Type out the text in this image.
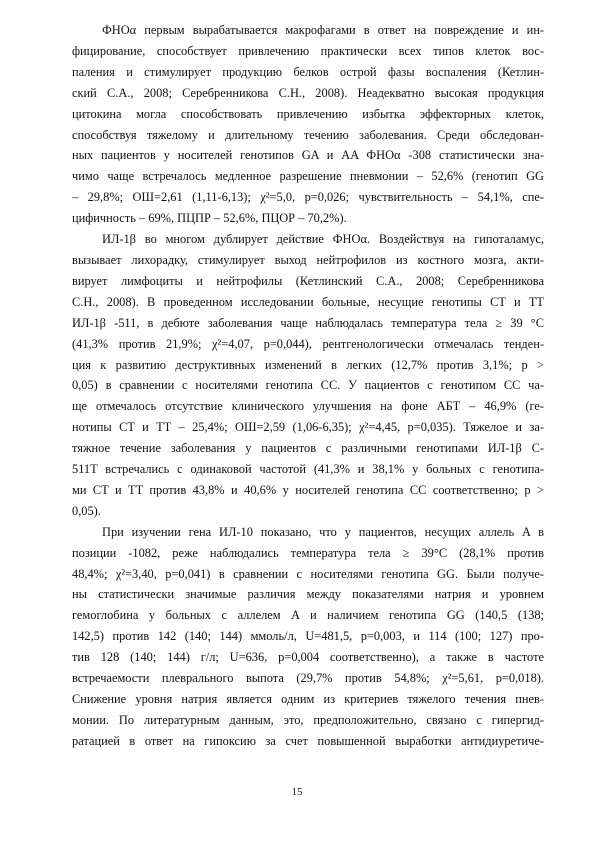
ФНОα первым вырабатывается макрофагами в ответ на повреждение и ин-
фицирование, способствует привлечению практически всех типов клеток вос-
паления и стимулирует продукцию белков острой фазы воспаления (Кетлин-
ский С.А., 2008; Серебренникова С.Н., 2008). Неадекватно высокая продукция
цитокина могла способствовать привлечению избытка эффекторных клеток,
способствуя тяжелому и длительному течению заболевания. Среди обследован-
ных пациентов у носителей генотипов GA и AA ФНОα -308 статистически зна-
чимо чаще встречалось медленное разрешение пневмонии – 52,6% (генотип GG
– 29,8%; ОШ=2,61 (1,11-6,13); χ²=5,0, p=0,026; чувствительность – 54,1%, спе-
цифичность – 69%, ПЦПР – 52,6%, ПЦОР – 70,2%).
ИЛ-1β во многом дублирует действие ФНОα. Воздействуя на гипоталамус,
вызывает лихорадку, стимулирует выход нейтрофилов из костного мозга, акти-
вирует лимфоциты и нейтрофилы (Кетлинский С.А., 2008; Серебренникова
С.Н., 2008). В проведенном исследовании больные, несущие генотипы CT и TT
ИЛ-1β -511, в дебюте заболевания чаще наблюдалась температура тела ≥ 39 °С
(41,3% против 21,9%; χ²=4,07, p=0,044), рентгенологически отмечалась тенден-
ция к развитию деструктивных изменений в легких (12,7% против 3,1%; p >
0,05) в сравнении с носителями генотипа CC. У пациентов с генотипом CC ча-
ще отмечалось отсутствие клинического улучшения на фоне АБТ – 46,9% (ге-
нотипы CT и TT – 25,4%; ОШ=2,59 (1,06-6,35); χ²=4,45, p=0,035). Тяжелое и за-
тяжное течение заболевания у пациентов с различными генотипами ИЛ-1β С-
511T встречались с одинаковой частотой (41,3% и 38,1% у больных с генотипа-
ми CT и TT против 43,8% и 40,6% у носителей генотипа CC соответственно; p >
0,05).
При изучении гена ИЛ-10 показано, что у пациентов, несущих аллель A в
позиции -1082, реже наблюдались температура тела ≥ 39°С (28,1% против
48,4%; χ²=3,40, p=0,041) в сравнении с носителями генотипа GG. Были получе-
ны статистически значимые различия между показателями натрия и уровнем
гемоглобина у больных с аллелем A и наличием генотипа GG (140,5 (138;
142,5) против 142 (140; 144) ммоль/л, U=481,5, p=0,003, и 114 (100; 127) про-
тив 128 (140; 144) г/л; U=636, p=0,004 соответственно), а также в частоте
встречаемости плеврального выпота (29,7% против 54,8%; χ²=5,61, p=0,018).
Снижение уровня натрия является одним из критериев тяжелого течения пнев-
монии. По литературным данным, это, предположительно, связано с гипергид-
ратацией в ответ на гипоксию за счет повышенной выработки антидиуретиче-
15
